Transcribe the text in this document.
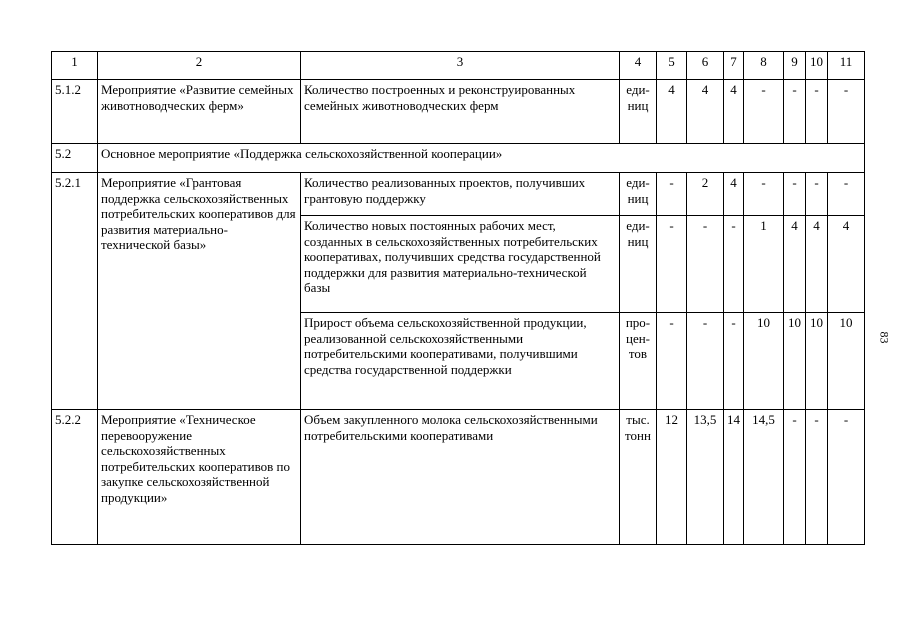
1	2	3	4	5	6	7	8	9	10	11
5.1.2	Мероприятие «Развитие семейных животноводческих ферм»	Количество построенных и реконструированных семейных животноводческих ферм	еди-ниц	4	4	4	-	-	-	-
5.2	Основное мероприятие «Поддержка сельскохозяйственной кооперации»									
5.2.1	Мероприятие «Грантовая поддержка сельскохозяйственных потребительских кооперативов для развития материально-технической базы»	Количество реализованных проектов, получивших грантовую поддержку	еди-ниц	-	2	4	-	-	-	-
		Количество новых постоянных рабочих мест, созданных в сельскохозяйственных потребительских кооперативах, получивших средства государственной поддержки для развития материально-технической базы	еди-ниц	-	-	-	1	4	4	4
		Прирост объема сельскохозяйственной продукции, реализованной сельскохозяйственными потребительскими кооперативами, получившими средства государственной поддержки	про-цен-тов	-	-	-	10	10	10	10
5.2.2	Мероприятие «Техническое перевооружение сельскохозяйственных потребительских кооперативов по закупке сельскохозяйственной продукции»	Объем закупленного молока сельскохозяйственными потребительскими кооперативами	тыс. тонн	12	13,5	14	14,5	-	-	-
83
